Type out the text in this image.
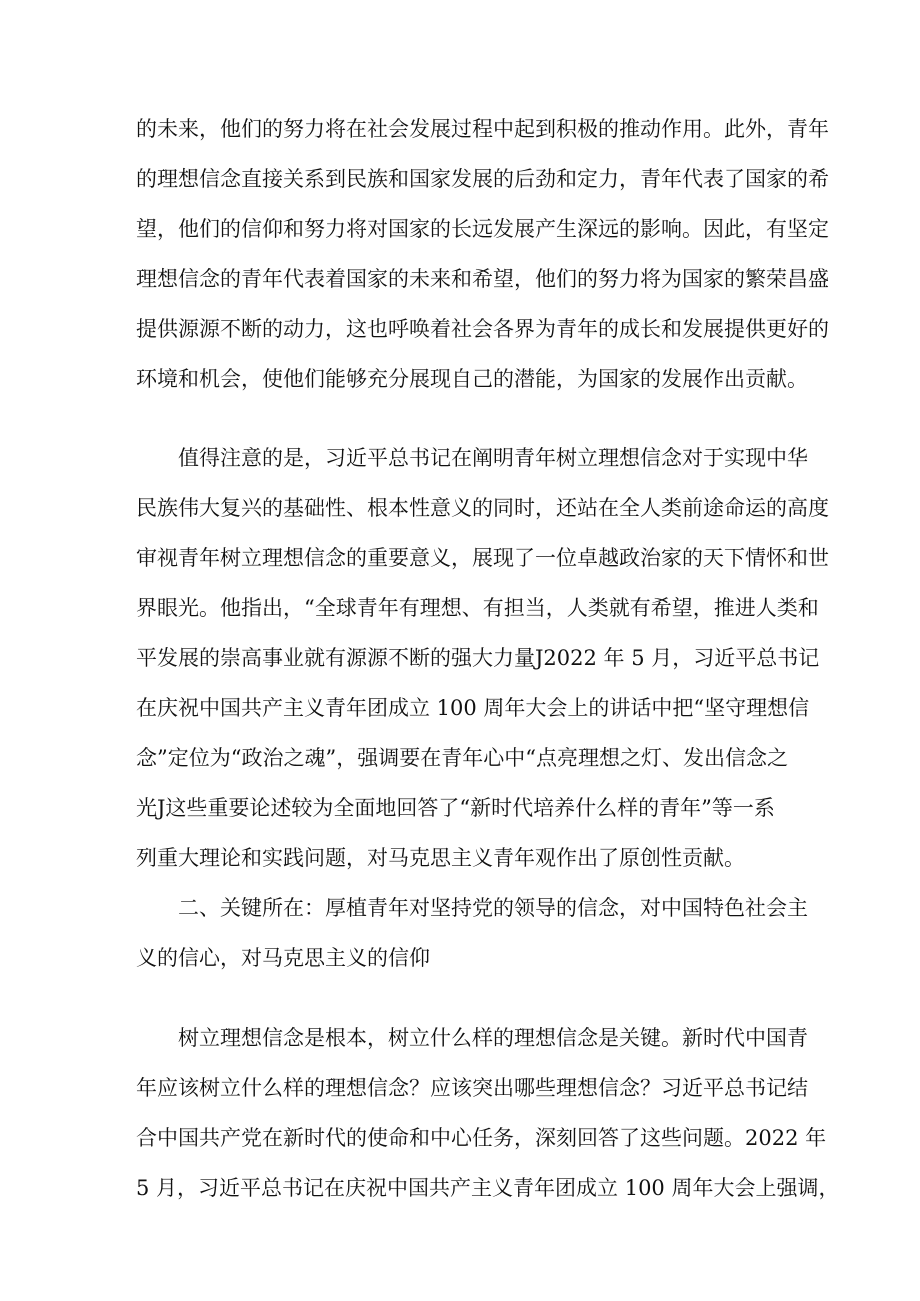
的未来，他们的努力将在社会发展过程中起到积极的推动作用。此外，青年
的理想信念直接关系到民族和国家发展的后劲和定力，青年代表了国家的希
望，他们的信仰和努力将对国家的长远发展产生深远的影响。因此，有坚定
理想信念的青年代表着国家的未来和希望，他们的努力将为国家的繁荣昌盛
提供源源不断的动力，这也呼唤着社会各界为青年的成长和发展提供更好的
环境和机会，使他们能够充分展现自己的潜能，为国家的发展作出贡献。
值得注意的是，习近平总书记在阐明青年树立理想信念对于实现中华
民族伟大复兴的基础性、根本性意义的同时，还站在全人类前途命运的高度
审视青年树立理想信念的重要意义，展现了一位卓越政治家的天下情怀和世
界眼光。他指出，“全球青年有理想、有担当，人类就有希望，推进人类和
平发展的崇高事业就有源源不断的强大力量J2022 年 5 月，习近平总书记
在庆祝中国共产主义青年团成立 100 周年大会上的讲话中把“坚守理想信
念”定位为“政治之魂”，强调要在青年心中“点亮理想之灯、发出信念之
光J这些重要论述较为全面地回答了“新时代培养什么样的青年”等一系
列重大理论和实践问题，对马克思主义青年观作出了原创性贡献。
二、关键所在：厚植青年对坚持党的领导的信念，对中国特色社会主
义的信心，对马克思主义的信仰
树立理想信念是根本，树立什么样的理想信念是关键。新时代中国青
年应该树立什么样的理想信念？应该突出哪些理想信念？习近平总书记结
合中国共产党在新时代的使命和中心任务，深刻回答了这些问题。2022 年
5 月，习近平总书记在庆祝中国共产主义青年团成立 100 周年大会上强调，
